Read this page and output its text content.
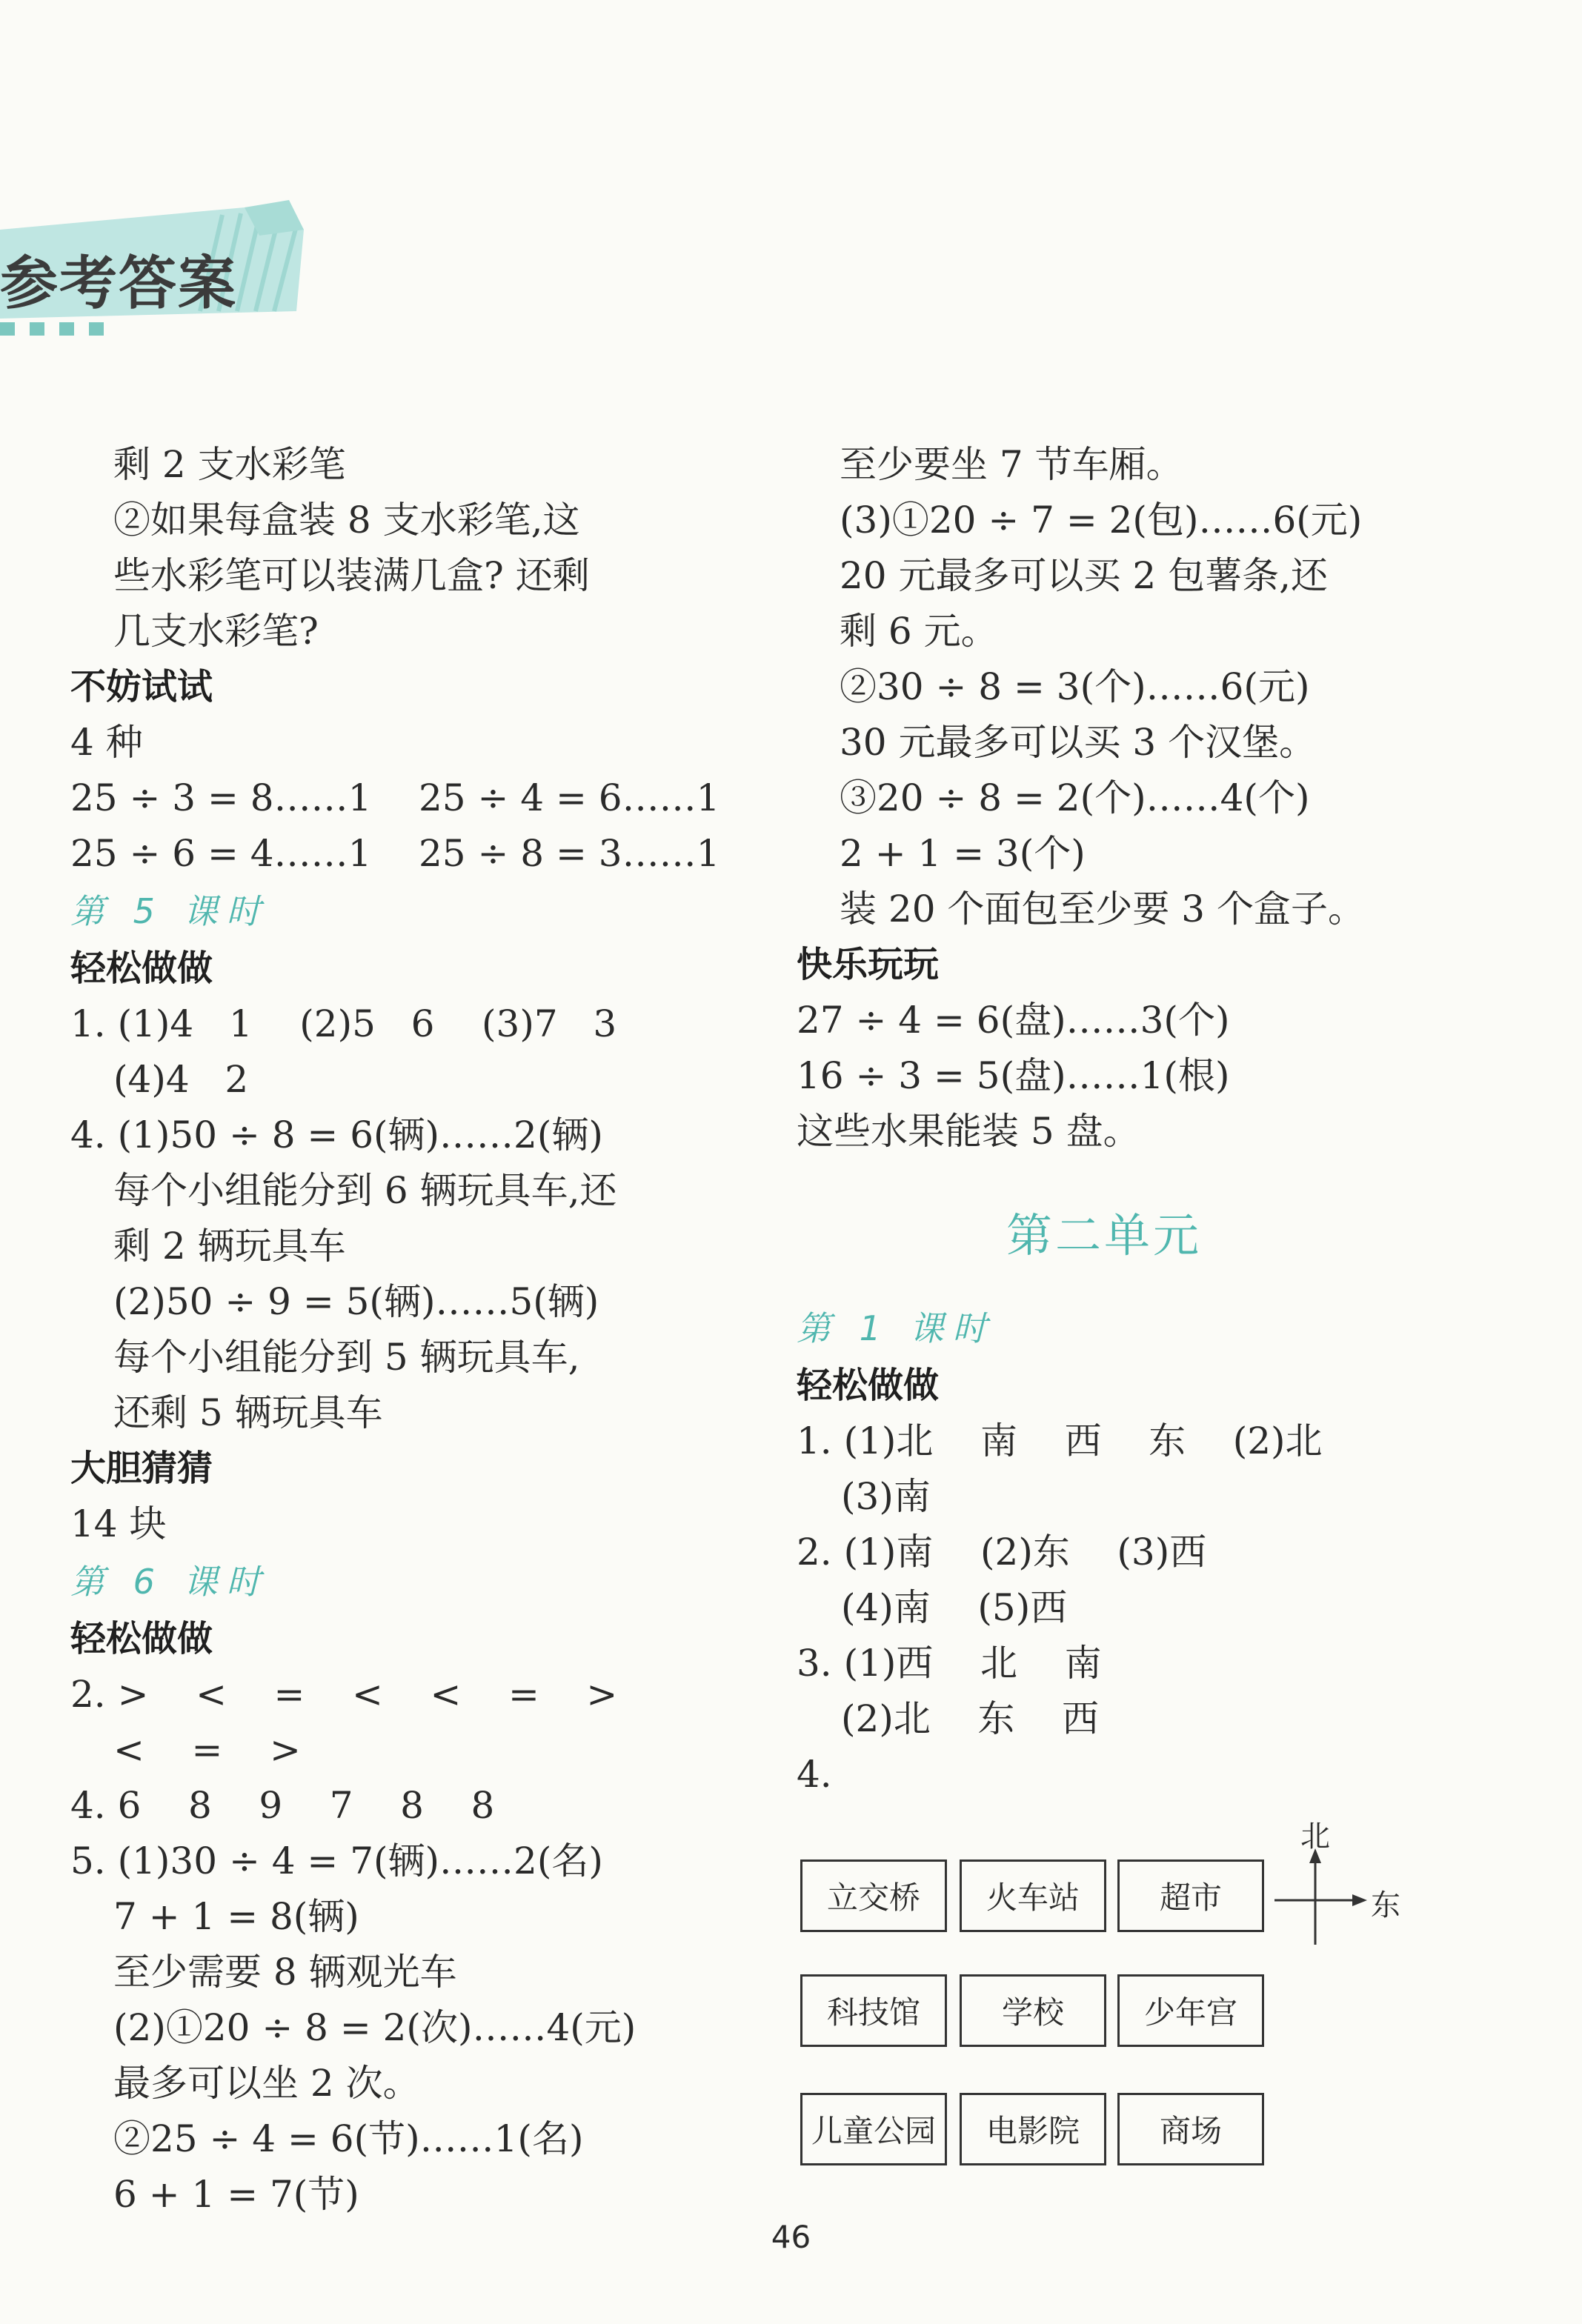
参考答案
剩 2 支水彩笔
②如果每盒装 8 支水彩笔,这
些水彩笔可以装满几盒? 还剩
几支水彩笔?
不妨试试
4 种
25 ÷ 3 = 8……1    25 ÷ 4 = 6……1
25 ÷ 6 = 4……1    25 ÷ 8 = 3……1
第 5 课时
轻松做做
1. (1)4   1    (2)5   6    (3)7   3
(4)4   2
4. (1)50 ÷ 8 = 6(辆)……2(辆)
每个小组能分到 6 辆玩具车,还
剩 2 辆玩具车
(2)50 ÷ 9 = 5(辆)……5(辆)
每个小组能分到 5 辆玩具车,
还剩 5 辆玩具车
大胆猜猜
14 块
第 6 课时
轻松做做
2. >    <    =    <    <    =    >
<    =    >
4. 6    8    9    7    8    8
5. (1)30 ÷ 4 = 7(辆)……2(名)
7 + 1 = 8(辆)
至少需要 8 辆观光车
(2)①20 ÷ 8 = 2(次)……4(元)
最多可以坐 2 次。
②25 ÷ 4 = 6(节)……1(名)
6 + 1 = 7(节)
至少要坐 7 节车厢。
(3)①20 ÷ 7 = 2(包)……6(元)
20 元最多可以买 2 包薯条,还
剩 6 元。
②30 ÷ 8 = 3(个)……6(元)
30 元最多可以买 3 个汉堡。
③20 ÷ 8 = 2(个)……4(个)
2 + 1 = 3(个)
装 20 个面包至少要 3 个盒子。
快乐玩玩
27 ÷ 4 = 6(盘)……3(个)
16 ÷ 3 = 5(盘)……1(根)
这些水果能装 5 盘。
第二单元
第 1 课时
轻松做做
1. (1)北    南    西    东    (2)北
(3)南
2. (1)南    (2)东    (3)西
(4)南    (5)西
3. (1)西    北    南
(2)北    东    西
4.
立交桥	火车站	超市
科技馆	学校	少年宫
儿童公园	电影院	商场
北
东
46
